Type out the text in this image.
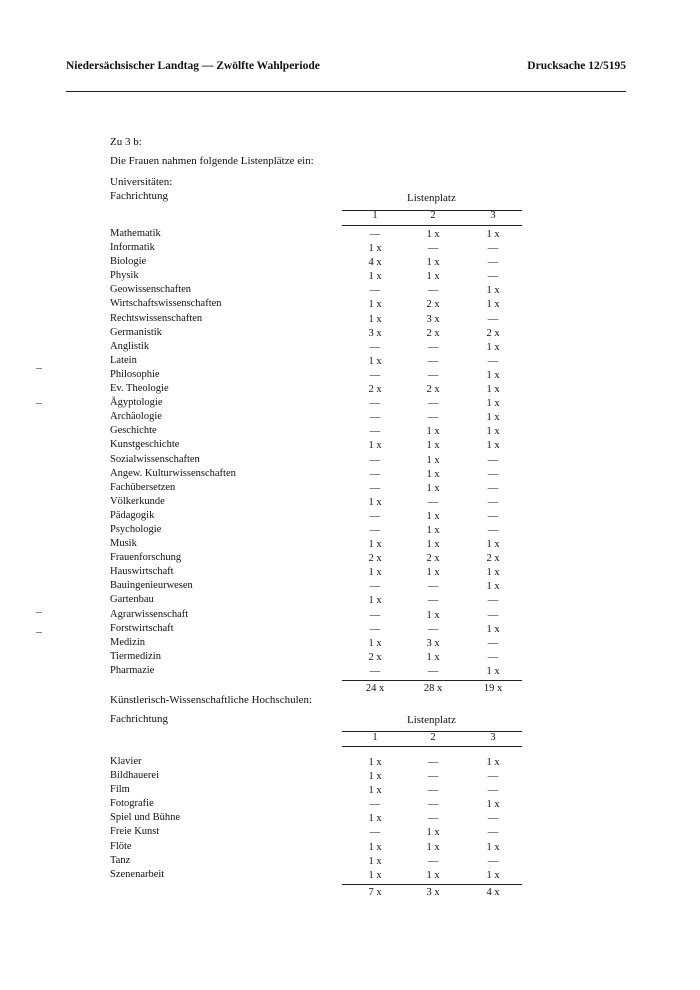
Niedersächsischer Landtag — Zwölfte Wahlperiode	Drucksache 12/5195
Zu 3 b:
Die Frauen nahmen folgende Listenplätze ein:
Universitäten:
Fachrichtung	Listenplatz
1	2	3
Mathematik	—	1 x	1 x
Informatik	1 x	—	—
Biologie	4 x	1 x	—
Physik	1 x	1 x	—
Geowissenschaften	—	—	1 x
Wirtschaftswissenschaften	1 x	2 x	1 x
Rechtswissenschaften	1 x	3 x	—
Germanistik	3 x	2 x	2 x
Anglistik	—	—	1 x
Latein	1 x	—	—
Philosophie	—	—	1 x
Ev. Theologie	2 x	2 x	1 x
Ägyptologie	—	—	1 x
Archäologie	—	—	1 x
Geschichte	—	1 x	1 x
Kunstgeschichte	1 x	1 x	1 x
Sozialwissenschaften	—	1 x	—
Angew. Kulturwissenschaften	—	1 x	—
Fachübersetzen	—	1 x	—
Völkerkunde	1 x	—	—
Pädagogik	—	1 x	—
Psychologie	—	1 x	—
Musik	1 x	1 x	1 x
Frauenforschung	2 x	2 x	2 x
Hauswirtschaft	1 x	1 x	1 x
Bauingenieurwesen	—	—	1 x
Gartenbau	1 x	—	—
Agrarwissenschaft	—	1 x	—
Forstwirtschaft	—	—	1 x
Medizin	1 x	3 x	—
Tiermedizin	2 x	1 x	—
Pharmazie	—	—	1 x
24 x	28 x	19 x
Künstlerisch-Wissenschaftliche Hochschulen:
Fachrichtung	Listenplatz
1	2	3
Klavier	1 x	—	1 x
Bildhauerei	1 x	—	—
Film	1 x	—	—
Fotografie	—	—	1 x
Spiel und Bühne	1 x	—	—
Freie Kunst	—	1 x	—
Flöte	1 x	1 x	1 x
Tanz	1 x	—	—
Szenenarbeit	1 x	1 x	1 x
7 x	3 x	4 x
